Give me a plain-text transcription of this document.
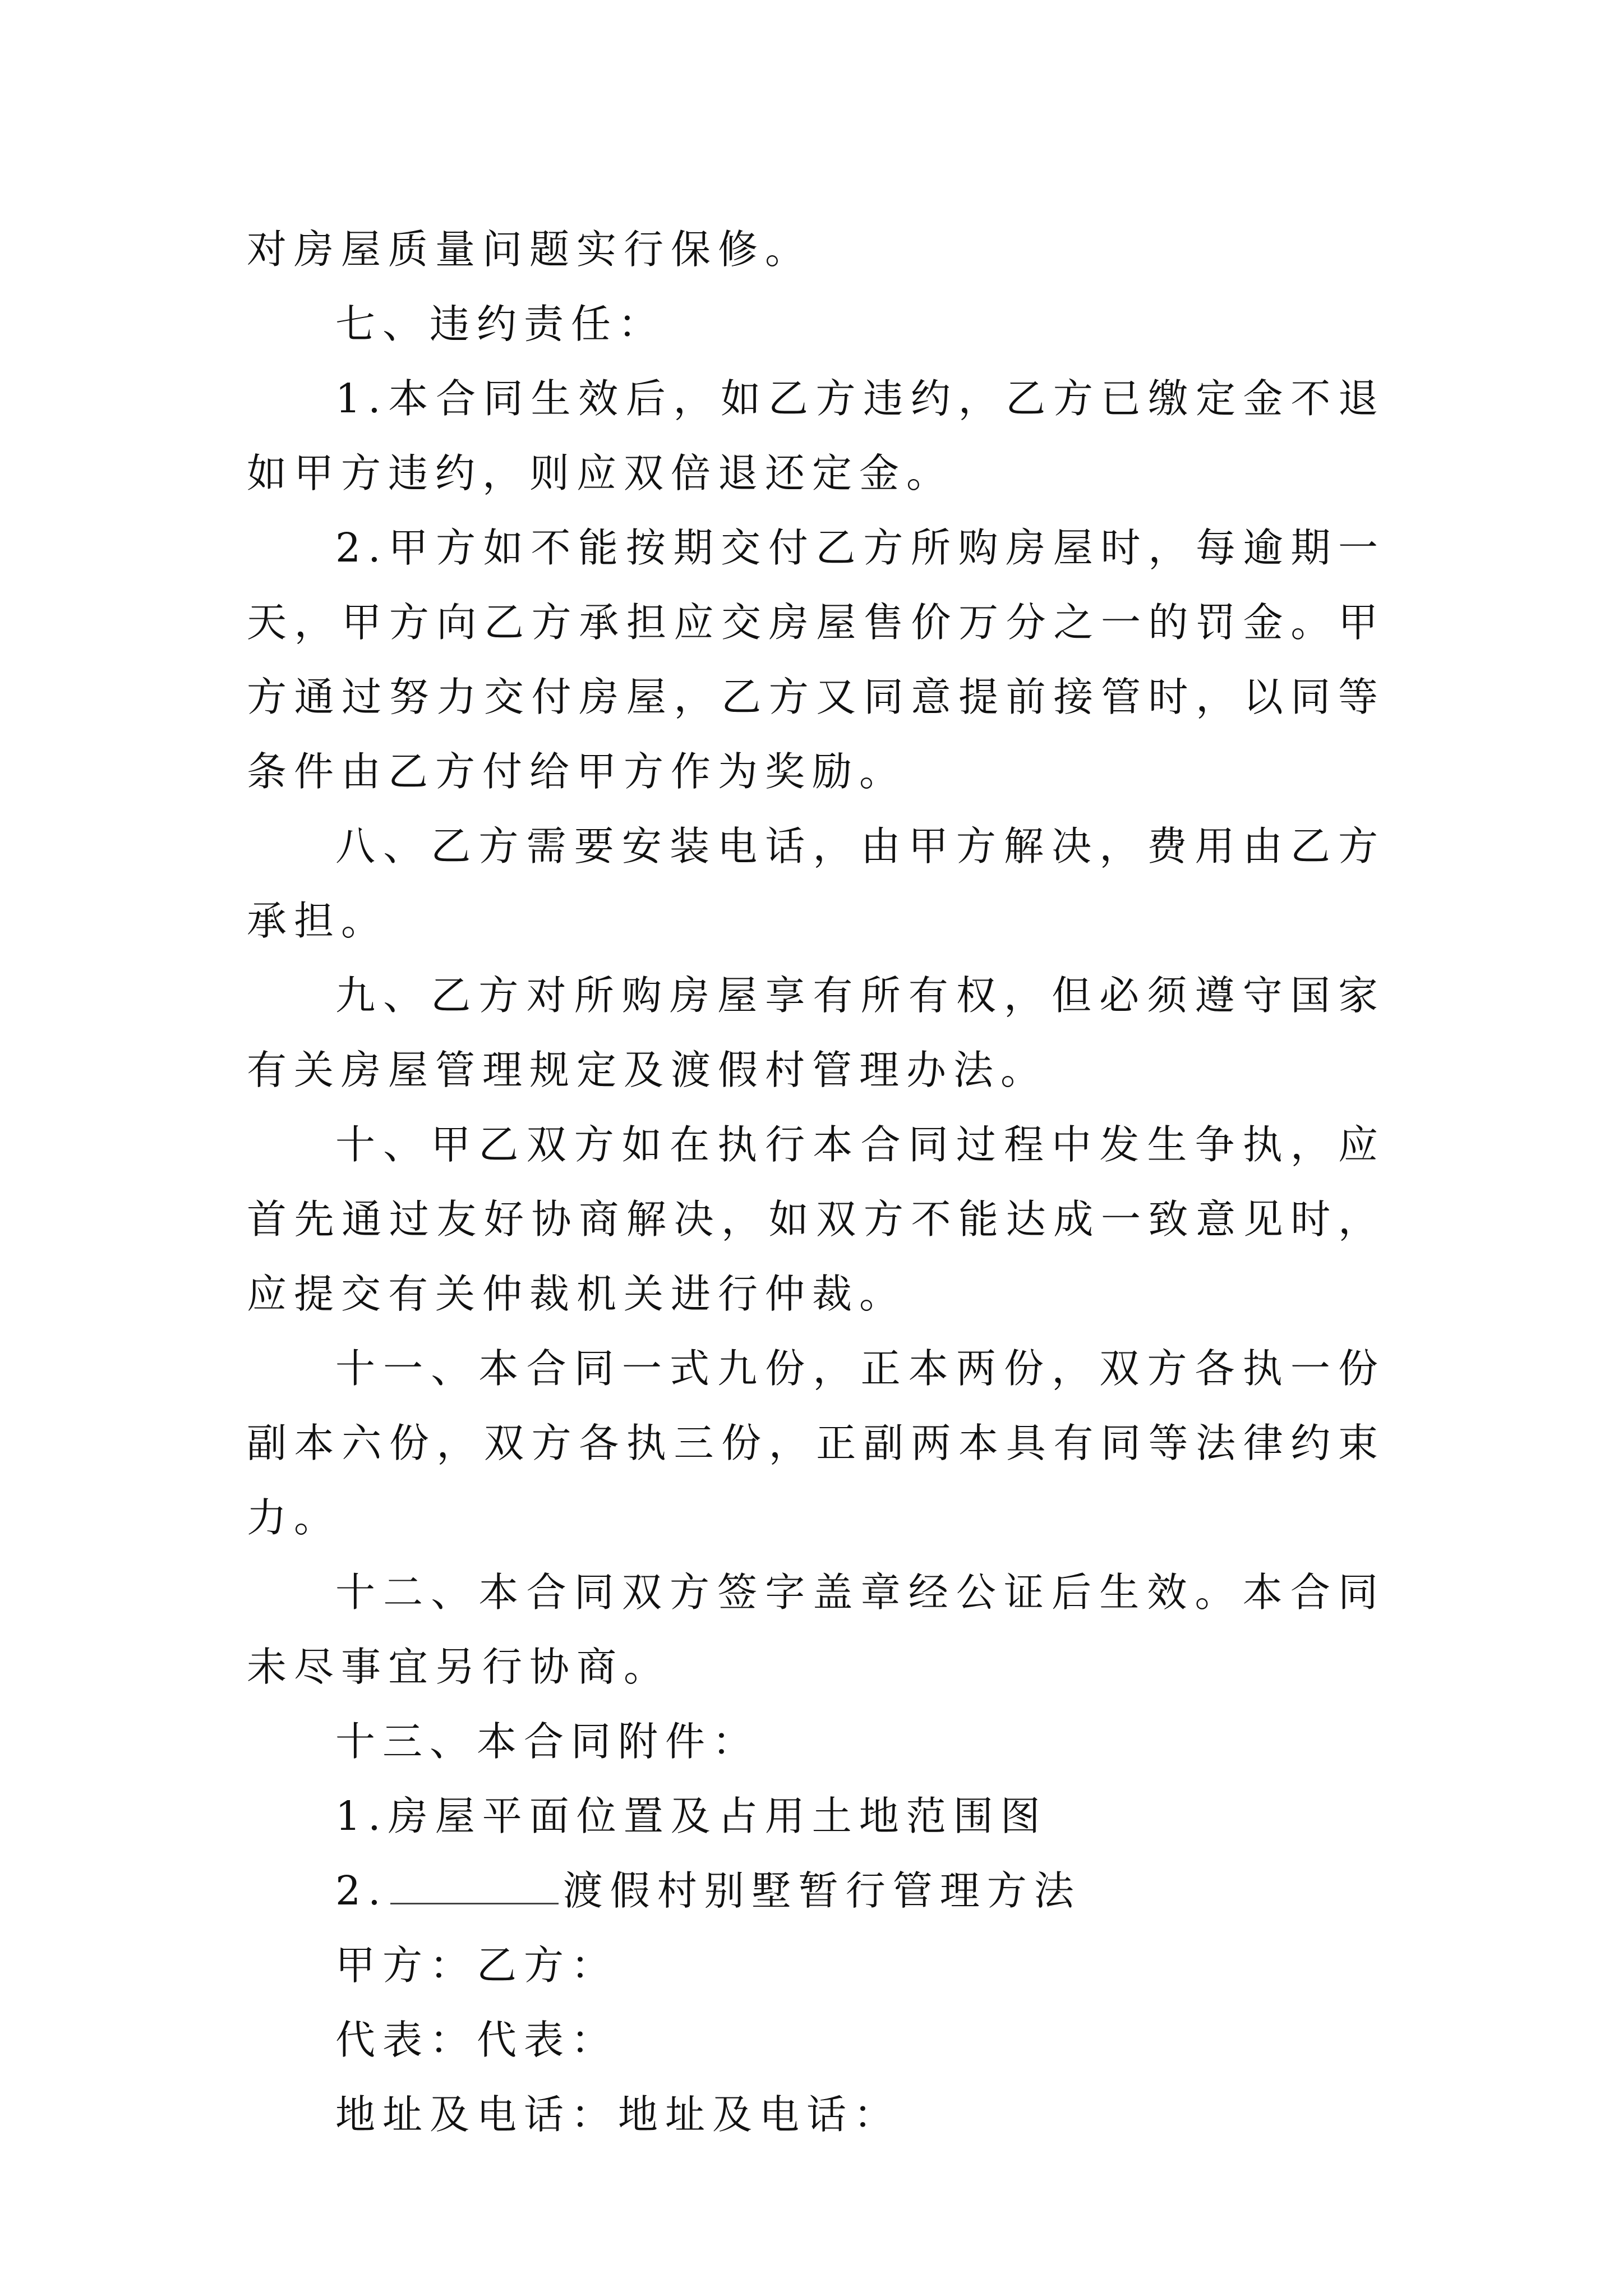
对房屋质量问题实行保修。

七、违约责任：

1.本合同生效后，如乙方违约，乙方已缴定金不退如甲方违约，则应双倍退还定金。

2.甲方如不能按期交付乙方所购房屋时，每逾期一天，甲方向乙方承担应交房屋售价万分之一的罚金。甲方通过努力交付房屋，乙方又同意提前接管时，以同等条件由乙方付给甲方作为奖励。

八、乙方需要安装电话，由甲方解决，费用由乙方承担。

九、乙方对所购房屋享有所有权，但必须遵守国家有关房屋管理规定及渡假村管理办法。

十、甲乙双方如在执行本合同过程中发生争执，应首先通过友好协商解决，如双方不能达成一致意见时，应提交有关仲裁机关进行仲裁。

十一、本合同一式九份，正本两份，双方各执一份副本六份，双方各执三份，正副两本具有同等法律约束力。

十二、本合同双方签字盖章经公证后生效。本合同未尽事宜另行协商。

十三、本合同附件：

1.房屋平面位置及占用土地范围图

2.	渡假村别墅暂行管理方法

甲方：乙方：

代表：代表：

地址及电话：地址及电话：
